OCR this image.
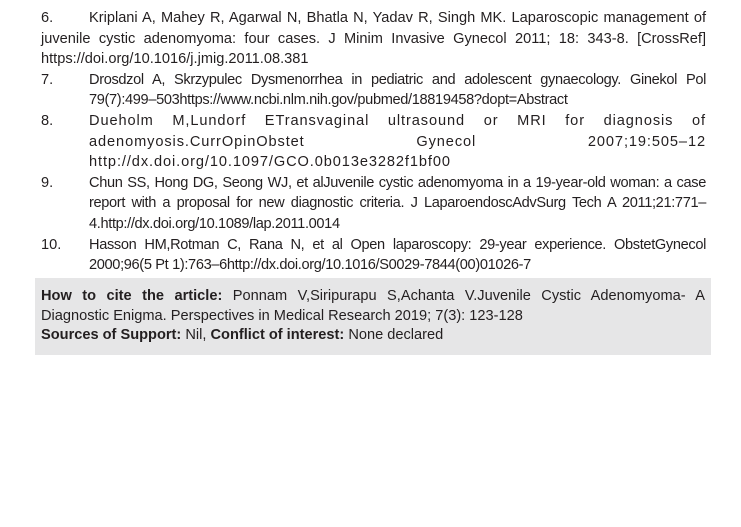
6. Kriplani A, Mahey R, Agarwal N, Bhatla N, Yadav R, Singh MK. Laparoscopic management of juvenile cystic adenomyoma: four cases. J Minim Invasive Gynecol 2011; 18: 343-8. [CrossRef] https://doi.org/10.1016/j.jmig.2011.08.381

7.	Drosdzol A, Skrzypulec Dysmenorrhea in pediatric and adolescent gynaecology. Ginekol Pol 79(7):499–503https://www.ncbi.nlm.nih.gov/pubmed/18819458?dopt=Abstract

8.	Dueholm M,Lundorf ETransvaginal ultrasound or MRI for diagnosis of adenomyosis.CurrOpinObstet Gynecol 2007;19:505–12 http://dx.doi.org/10.1097/GCO.0b013e3282f1bf00

9.	Chun SS, Hong DG, Seong WJ, et alJuvenile cystic adenomyoma in a 19-year-old woman: a case report with a proposal for new diagnostic criteria. J LaparoendoscAdvSurg Tech A 2011;21:771–4.http://dx.doi.org/10.1089/lap.2011.0014

10.	Hasson HM,Rotman C, Rana N, et al Open laparoscopy: 29-year experience. ObstetGynecol 2000;96(5 Pt 1):763–6http://dx.doi.org/10.1016/S0029-7844(00)01026-7

How to cite the article: Ponnam V,Siripurapu S,Achanta V.Juvenile Cystic Adenomyoma- A Diagnostic Enigma. Perspectives in Medical Research 2019; 7(3): 123-128

Sources of Support: Nil, Conflict of interest: None declared
